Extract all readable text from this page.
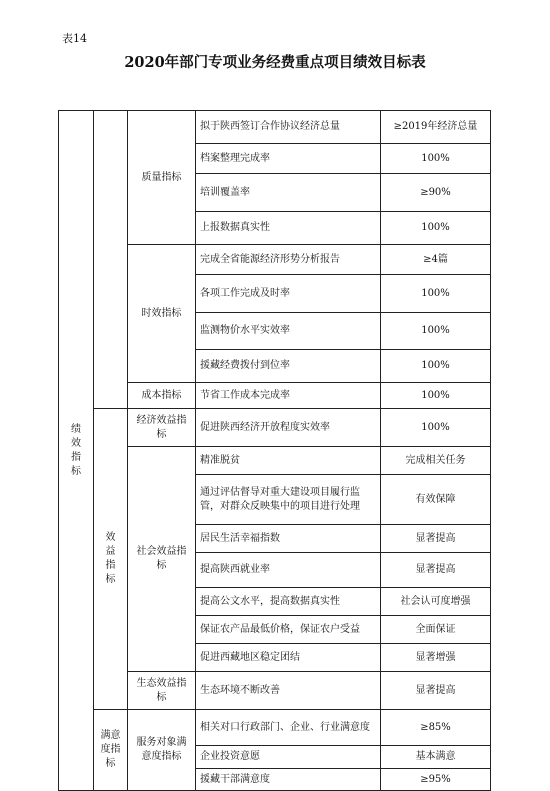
表14
2020年部门专项业务经费重点项目绩效目标表
绩效指标		质量指标	拟于陕西签订合作协议经济总量	≥2019年经济总量
			档案整理完成率	100%
			培训覆盖率	≥90%
			上报数据真实性	100%
		时效指标	完成全省能源经济形势分析报告	≥4篇
			各项工作完成及时率	100%
			监测物价水平实效率	100%
			援藏经费拨付到位率	100%
		成本指标	节省工作成本完成率	100%
	效益指标	经济效益指标	促进陕西经济开放程度实效率	100%
		社会效益指标	精准脱贫	完成相关任务
			通过评估督导对重大建设项目履行监管，对群众反映集中的项目进行处理	有效保障
			居民生活幸福指数	显著提高
			提高陕西就业率	显著提高
			提高公文水平，提高数据真实性	社会认可度增强
			保证农产品最低价格，保证农户受益	全面保证
			促进西藏地区稳定团结	显著增强
		生态效益指标	生态环境不断改善	显著提高
	满意度指标	服务对象满意度指标	相关对口行政部门、企业、行业满意度	≥85%
			企业投资意愿	基本满意
			援藏干部满意度	≥95%
